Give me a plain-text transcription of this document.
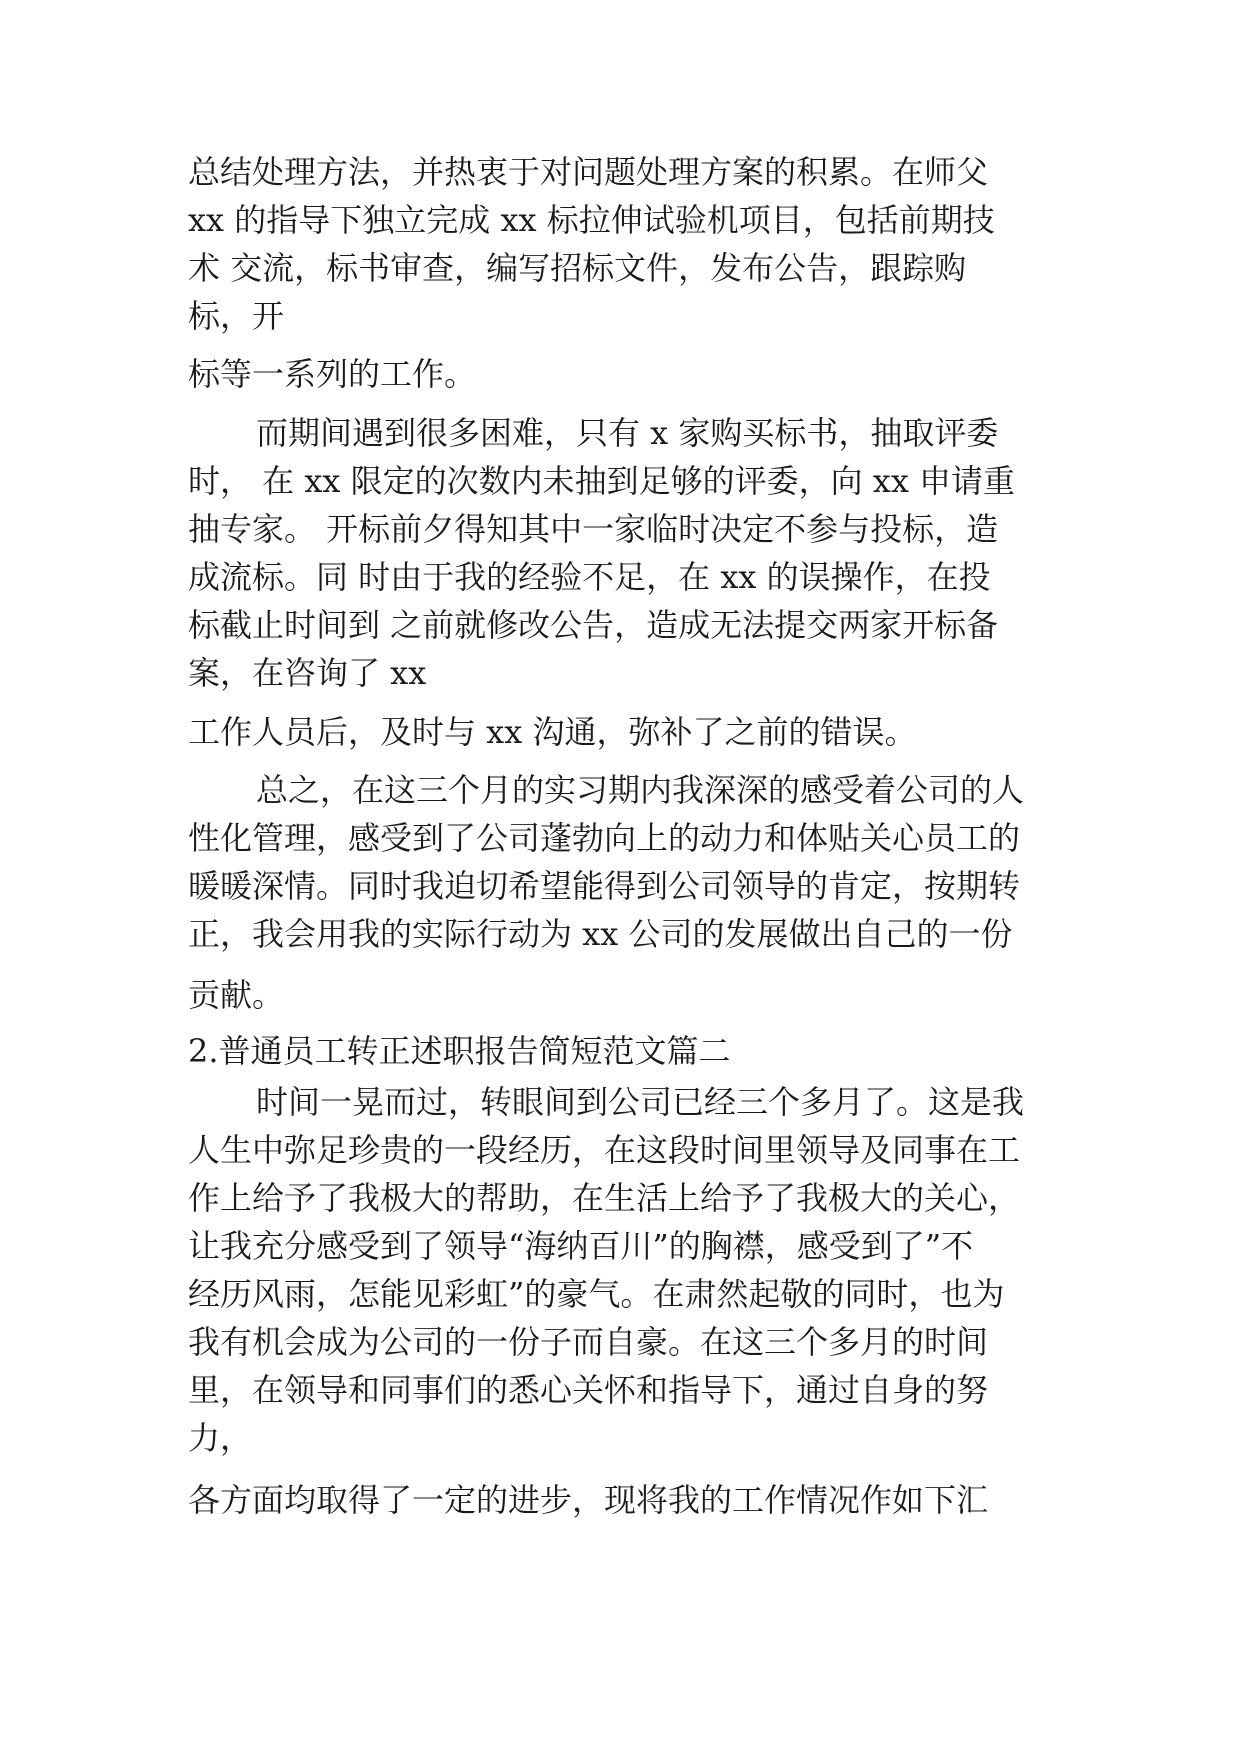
总结处理方法，并热衷于对问题处理方案的积累。在师父
xx 的指导下独立完成 xx 标拉伸试验机项目，包括前期技
术 交流，标书审查，编写招标文件，发布公告，跟踪购
标，开
标等一系列的工作。
而期间遇到很多困难，只有 x 家购买标书，抽取评委
时， 在 xx 限定的次数内未抽到足够的评委，向 xx 申请重
抽专家。 开标前夕得知其中一家临时决定不参与投标，造
成流标。同 时由于我的经验不足，在 xx 的误操作，在投
标截止时间到 之前就修改公告，造成无法提交两家开标备
案，在咨询了 xx
工作人员后，及时与 xx 沟通，弥补了之前的错误。
总之，在这三个月的实习期内我深深的感受着公司的人
性化管理，感受到了公司蓬勃向上的动力和体贴关心员工的
暖暖深情。同时我迫切希望能得到公司领导的肯定，按期转
正，我会用我的实际行动为 xx 公司的发展做出自己的一份
贡献。
2.普通员工转正述职报告简短范文篇二
时间一晃而过，转眼间到公司已经三个多月了。这是我
人生中弥足珍贵的一段经历，在这段时间里领导及同事在工
作上给予了我极大的帮助，在生活上给予了我极大的关心，
让我充分感受到了领导“海纳百川”的胸襟，感受到了”不
经历风雨，怎能见彩虹”的豪气。在肃然起敬的同时，也为
我有机会成为公司的一份子而自豪。在这三个多月的时间
里，在领导和同事们的悉心关怀和指导下，通过自身的努
力，
各方面均取得了一定的进步，现将我的工作情况作如下汇
